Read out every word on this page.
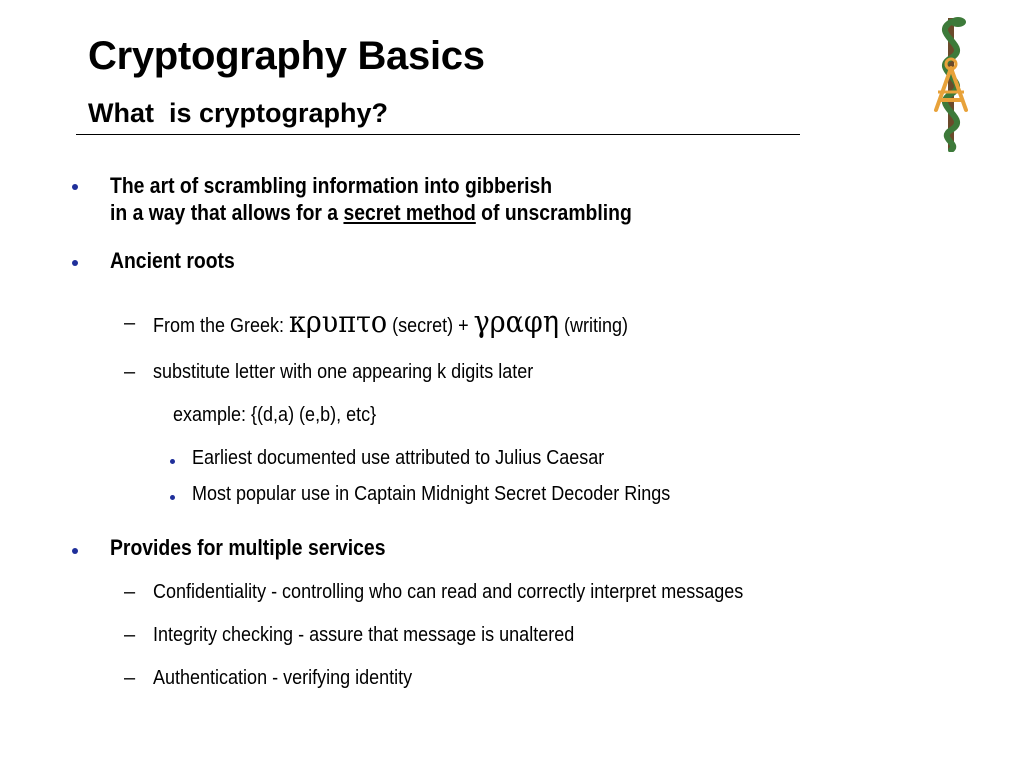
Cryptography Basics
What  is cryptography?
The art of scrambling information into gibberish
in a way that allows for a secret method of unscrambling
Ancient roots
– From the Greek: κρυπτο (secret) + γραφη (writing)
– substitute letter with one appearing k digits later
example: {(d,a) (e,b), etc}
Earliest documented use attributed to Julius Caesar
Most popular use in Captain Midnight Secret Decoder Rings
Provides for multiple services
– Confidentiality - controlling who can read and correctly interpret messages
– Integrity checking - assure that message is unaltered
– Authentication - verifying identity
